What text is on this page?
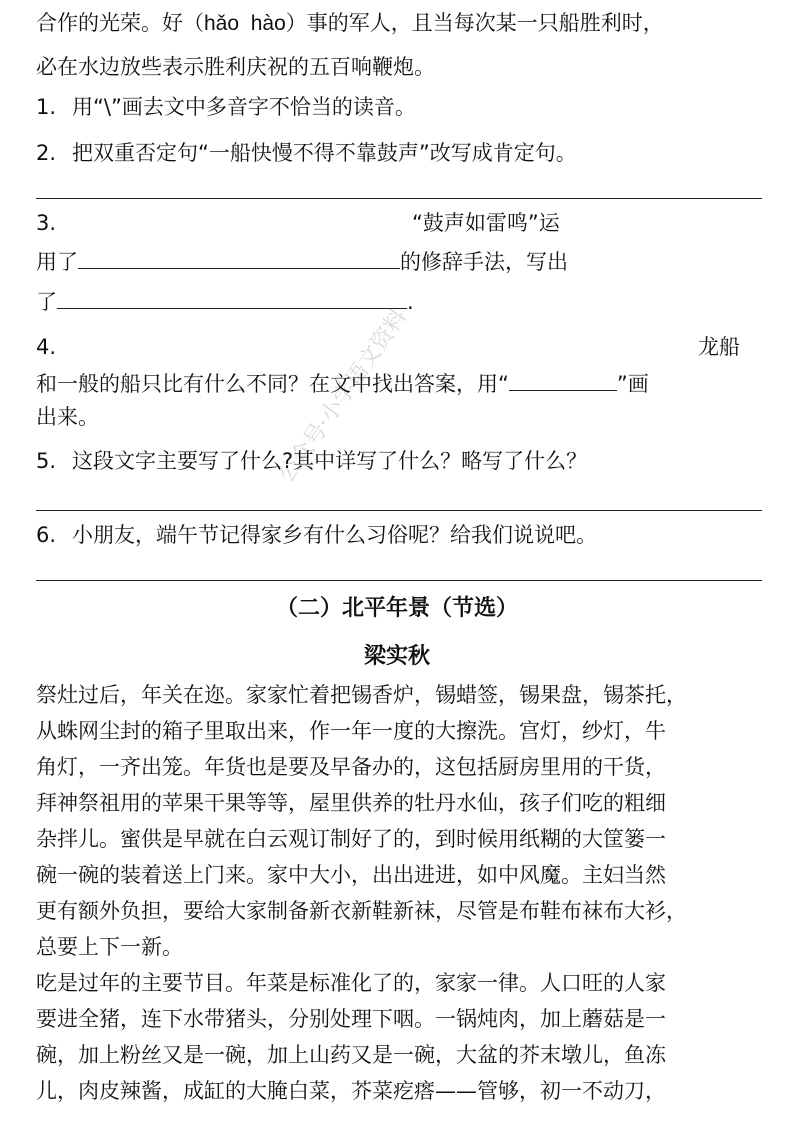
公众号·小学语文资料
合作的光荣。好（hǎo  hào）事的军人，且当每次某一只船胜利时，
必在水边放些表示胜利庆祝的五百响鞭炮。
1. 用“\”画去文中多音字不恰当的读音。
2. 把双重否定句“一船快慢不得不靠鼓声”改写成肯定句。
3.	“鼓声如雷鸣”运
用了	的修辞手法，写出
了	.
4.	龙船
和一般的船只比有什么不同？在文中找出答案，用“	”画
出来。
5. 这段文字主要写了什么?其中详写了什么？略写了什么？
6. 小朋友，端午节记得家乡有什么习俗呢？给我们说说吧。
（二）北平年景（节选）
梁实秋
祭灶过后，年关在迩。家家忙着把锡香炉，锡蜡签，锡果盘，锡茶托，
从蛛网尘封的箱子里取出来，作一年一度的大擦洗。宫灯，纱灯，牛
角灯，一齐出笼。年货也是要及早备办的，这包括厨房里用的干货，
拜神祭祖用的苹果干果等等，屋里供养的牡丹水仙，孩子们吃的粗细
杂拌儿。蜜供是早就在白云观订制好了的，到时候用纸糊的大筐篓一
碗一碗的装着送上门来。家中大小，出出进进，如中风魔。主妇当然
更有额外负担，要给大家制备新衣新鞋新袜，尽管是布鞋布袜布大衫，
总要上下一新。
吃是过年的主要节目。年菜是标准化了的，家家一律。人口旺的人家
要进全猪，连下水带猪头，分别处理下咽。一锅炖肉，加上蘑菇是一
碗，加上粉丝又是一碗，加上山药又是一碗，大盆的芥末墩儿，鱼冻
儿，肉皮辣酱，成缸的大腌白菜，芥菜疙瘩——管够，初一不动刀，
